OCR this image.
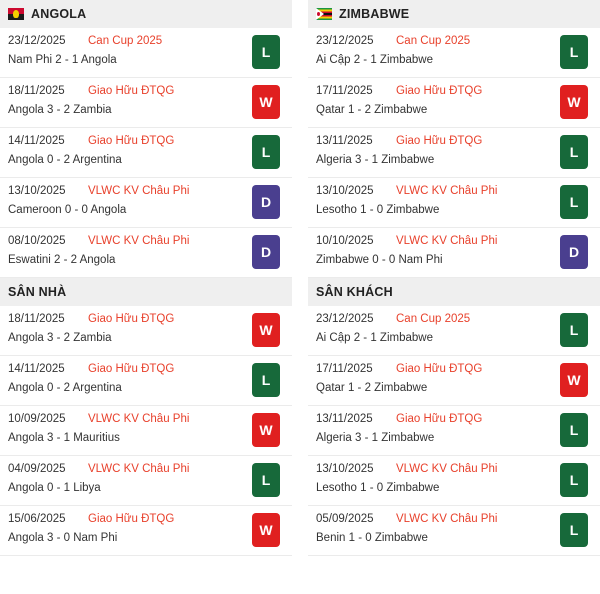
ANGOLA
23/12/2025	Can Cup 2025
Nam Phi 2 - 1 Angola	L
18/11/2025	Giao Hữu ĐTQG
Angola 3 - 2 Zambia	W
14/11/2025	Giao Hữu ĐTQG
Angola 0 - 2 Argentina	L
13/10/2025	VLWC KV Châu Phi
Cameroon 0 - 0 Angola	D
08/10/2025	VLWC KV Châu Phi
Eswatini 2 - 2 Angola	D
SÂN NHÀ
18/11/2025	Giao Hữu ĐTQG
Angola 3 - 2 Zambia	W
14/11/2025	Giao Hữu ĐTQG
Angola 0 - 2 Argentina	L
10/09/2025	VLWC KV Châu Phi
Angola 3 - 1 Mauritius	W
04/09/2025	VLWC KV Châu Phi
Angola 0 - 1 Libya	L
15/06/2025	Giao Hữu ĐTQG
Angola 3 - 0 Nam Phi	W
ZIMBABWE
23/12/2025	Can Cup 2025
Ai Cập 2 - 1 Zimbabwe	L
17/11/2025	Giao Hữu ĐTQG
Qatar 1 - 2 Zimbabwe	W
13/11/2025	Giao Hữu ĐTQG
Algeria 3 - 1 Zimbabwe	L
13/10/2025	VLWC KV Châu Phi
Lesotho 1 - 0 Zimbabwe	L
10/10/2025	VLWC KV Châu Phi
Zimbabwe 0 - 0 Nam Phi	D
SÂN KHÁCH
23/12/2025	Can Cup 2025
Ai Cập 2 - 1 Zimbabwe	L
17/11/2025	Giao Hữu ĐTQG
Qatar 1 - 2 Zimbabwe	W
13/11/2025	Giao Hữu ĐTQG
Algeria 3 - 1 Zimbabwe	L
13/10/2025	VLWC KV Châu Phi
Lesotho 1 - 0 Zimbabwe	L
05/09/2025	VLWC KV Châu Phi
Benin 1 - 0 Zimbabwe	L
